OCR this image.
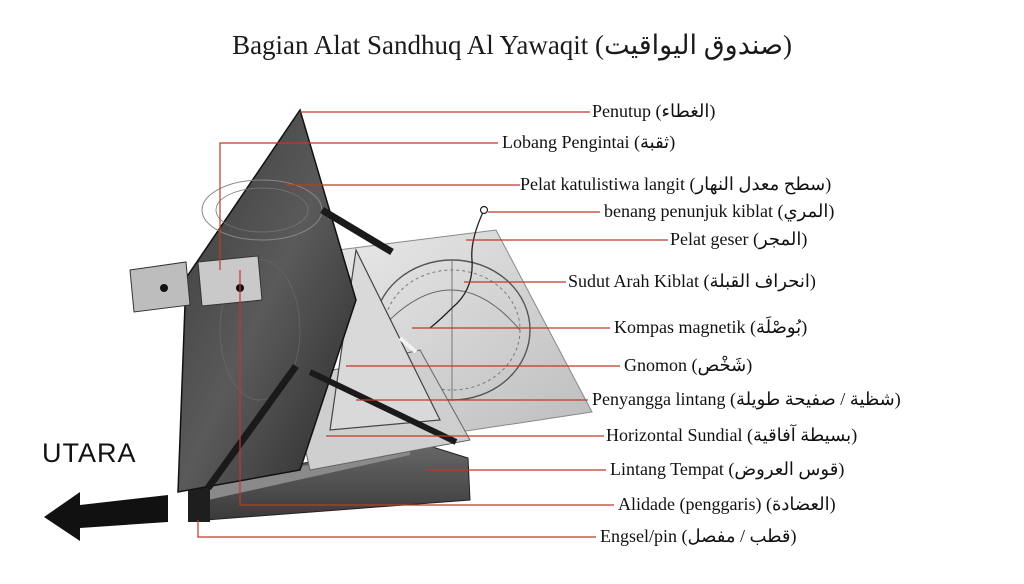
Bagian Alat Sandhuq Al Yawaqit (صندوق اليواقيت)
UTARA
Penutup (الغطاء)
Lobang Pengintai (ثقبة)
Pelat katulistiwa langit (سطح معدل النهار)
benang penunjuk kiblat (المري)
Pelat geser (المجر)
Sudut Arah Kiblat (انحراف القبلة)
Kompas magnetik (بُوصْلَة)
Gnomon (شَخْص)
Penyangga lintang (شظية / صفيحة طويلة)
Horizontal Sundial (بسيطة آفاقية)
Lintang Tempat (قوس العروض)
Alidade (penggaris) (العضادة)
Engsel/pin (قطب / مفصل)
